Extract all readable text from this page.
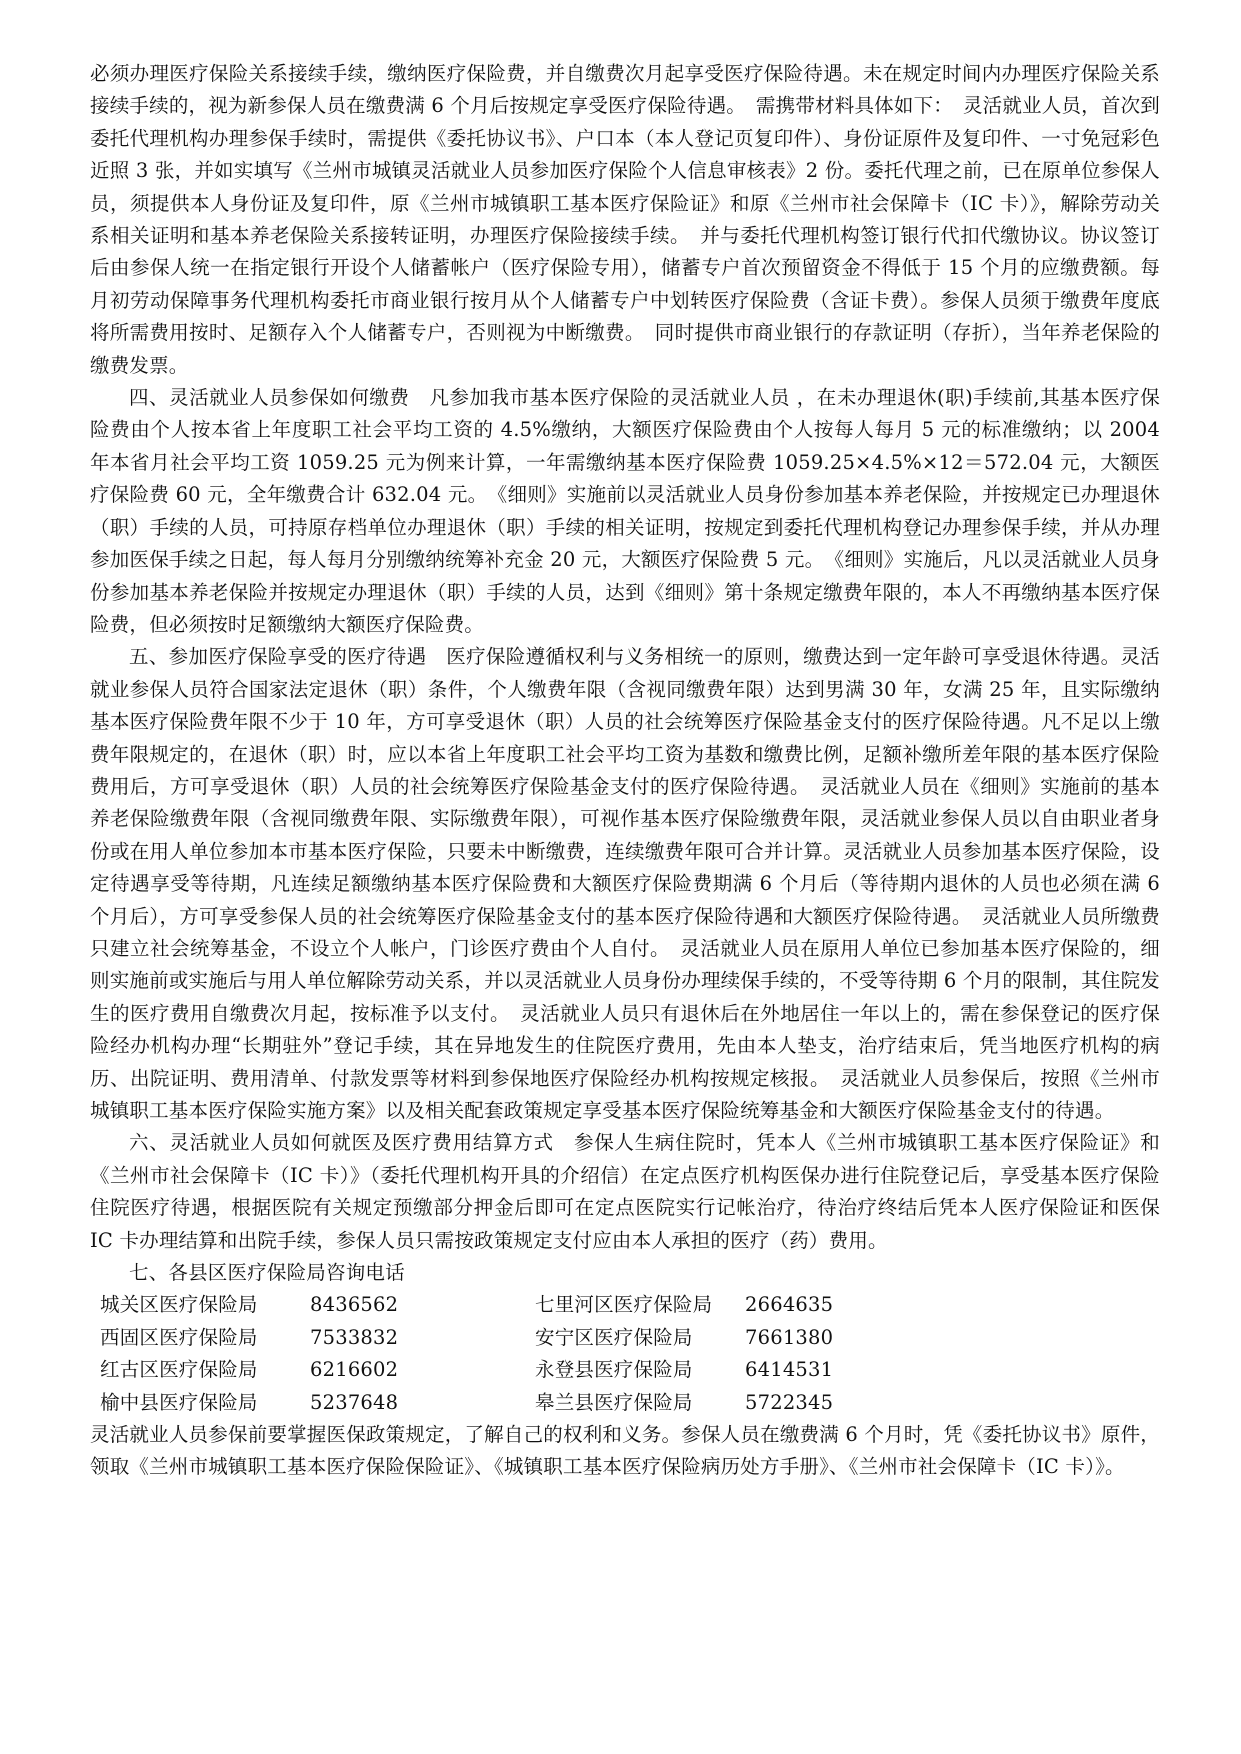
必须办理医疗保险关系接续手续，缴纳医疗保险费，并自缴费次月起享受医疗保险待遇。未在规定时间内办理医疗保险关系接续手续的，视为新参保人员在缴费满 6 个月后按规定享受医疗保险待遇。　需携带材料具体如下：　灵活就业人员，首次到委托代理机构办理参保手续时，需提供《委托协议书》、户口本（本人登记页复印件）、身份证原件及复印件、一寸免冠彩色近照 3 张，并如实填写《兰州市城镇灵活就业人员参加医疗保险个人信息审核表》2 份。委托代理之前，已在原单位参保人员，须提供本人身份证及复印件，原《兰州市城镇职工基本医疗保险证》和原《兰州市社会保障卡（IC 卡）》，解除劳动关系相关证明和基本养老保险关系接转证明，办理医疗保险接续手续。　并与委托代理机构签订银行代扣代缴协议。协议签订后由参保人统一在指定银行开设个人储蓄帐户（医疗保险专用），储蓄专户首次预留资金不得低于 15 个月的应缴费额。每月初劳动保障事务代理机构委托市商业银行按月从个人储蓄专户中划转医疗保险费（含证卡费）。参保人员须于缴费年度底将所需费用按时、足额存入个人储蓄专户，否则视为中断缴费。　同时提供市商业银行的存款证明（存折），当年养老保险的缴费发票。

四、灵活就业人员参保如何缴费　凡参加我市基本医疗保险的灵活就业人员 ，在未办理退休(职)手续前,其基本医疗保险费由个人按本省上年度职工社会平均工资的 4.5%缴纳，大额医疗保险费由个人按每人每月 5 元的标准缴纳；以 2004 年本省月社会平均工资 1059.25 元为例来计算，一年需缴纳基本医疗保险费 1059.25×4.5%×12＝572.04 元，大额医疗保险费 60 元，全年缴费合计 632.04 元。　《细则》实施前以灵活就业人员身份参加基本养老保险，并按规定已办理退休（职）手续的人员，可持原存档单位办理退休（职）手续的相关证明，按规定到委托代理机构登记办理参保手续，并从办理参加医保手续之日起，每人每月分别缴纳统筹补充金 20 元，大额医疗保险费 5 元。　《细则》实施后，凡以灵活就业人员身份参加基本养老保险并按规定办理退休（职）手续的人员，达到《细则》第十条规定缴费年限的，本人不再缴纳基本医疗保险费，但必须按时足额缴纳大额医疗保险费。

五、参加医疗保险享受的医疗待遇　医疗保险遵循权利与义务相统一的原则，缴费达到一定年龄可享受退休待遇。灵活就业参保人员符合国家法定退休（职）条件，个人缴费年限（含视同缴费年限）达到男满 30 年，女满 25 年，且实际缴纳基本医疗保险费年限不少于 10 年，方可享受退休（职）人员的社会统筹医疗保险基金支付的医疗保险待遇。凡不足以上缴费年限规定的，在退休（职）时，应以本省上年度职工社会平均工资为基数和缴费比例，足额补缴所差年限的基本医疗保险费用后，方可享受退休（职）人员的社会统筹医疗保险基金支付的医疗保险待遇。　灵活就业人员在《细则》实施前的基本养老保险缴费年限（含视同缴费年限、实际缴费年限），可视作基本医疗保险缴费年限，灵活就业参保人员以自由职业者身份或在用人单位参加本市基本医疗保险，只要未中断缴费，连续缴费年限可合并计算。灵活就业人员参加基本医疗保险，设定待遇享受等待期，凡连续足额缴纳基本医疗保险费和大额医疗保险费期满 6 个月后（等待期内退休的人员也必须在满 6 个月后），方可享受参保人员的社会统筹医疗保险基金支付的基本医疗保险待遇和大额医疗保险待遇。　灵活就业人员所缴费只建立社会统筹基金，不设立个人帐户，门诊医疗费由个人自付。　灵活就业人员在原用人单位已参加基本医疗保险的，细则实施前或实施后与用人单位解除劳动关系，并以灵活就业人员身份办理续保手续的，不受等待期 6 个月的限制，其住院发生的医疗费用自缴费次月起，按标准予以支付。　灵活就业人员只有退休后在外地居住一年以上的，需在参保登记的医疗保险经办机构办理“长期驻外”登记手续，其在异地发生的住院医疗费用，先由本人垫支，治疗结束后，凭当地医疗机构的病历、出院证明、费用清单、付款发票等材料到参保地医疗保险经办机构按规定核报。　灵活就业人员参保后，按照《兰州市城镇职工基本医疗保险实施方案》以及相关配套政策规定享受基本医疗保险统筹基金和大额医疗保险基金支付的待遇。

六、灵活就业人员如何就医及医疗费用结算方式　参保人生病住院时，凭本人《兰州市城镇职工基本医疗保险证》和《兰州市社会保障卡（IC 卡）》（委托代理机构开具的介绍信）在定点医疗机构医保办进行住院登记后，享受基本医疗保险住院医疗待遇，根据医院有关规定预缴部分押金后即可在定点医院实行记帐治疗，待治疗终结后凭本人医疗保险证和医保 IC 卡办理结算和出院手续，参保人员只需按政策规定支付应由本人承担的医疗（药）费用。

七、各县区医疗保险局咨询电话

城关区医疗保险局	8436562	七里河区医疗保险局	2664635
西固区医疗保险局	7533832	安宁区医疗保险局	7661380
红古区医疗保险局	6216602	永登县医疗保险局	6414531
榆中县医疗保险局	5237648	皋兰县医疗保险局	5722345

灵活就业人员参保前要掌握医保政策规定，了解自己的权利和义务。参保人员在缴费满 6 个月时，凭《委托协议书》原件，领取《兰州市城镇职工基本医疗保险保险证》、《城镇职工基本医疗保险病历处方手册》、《兰州市社会保障卡（IC 卡）》。
